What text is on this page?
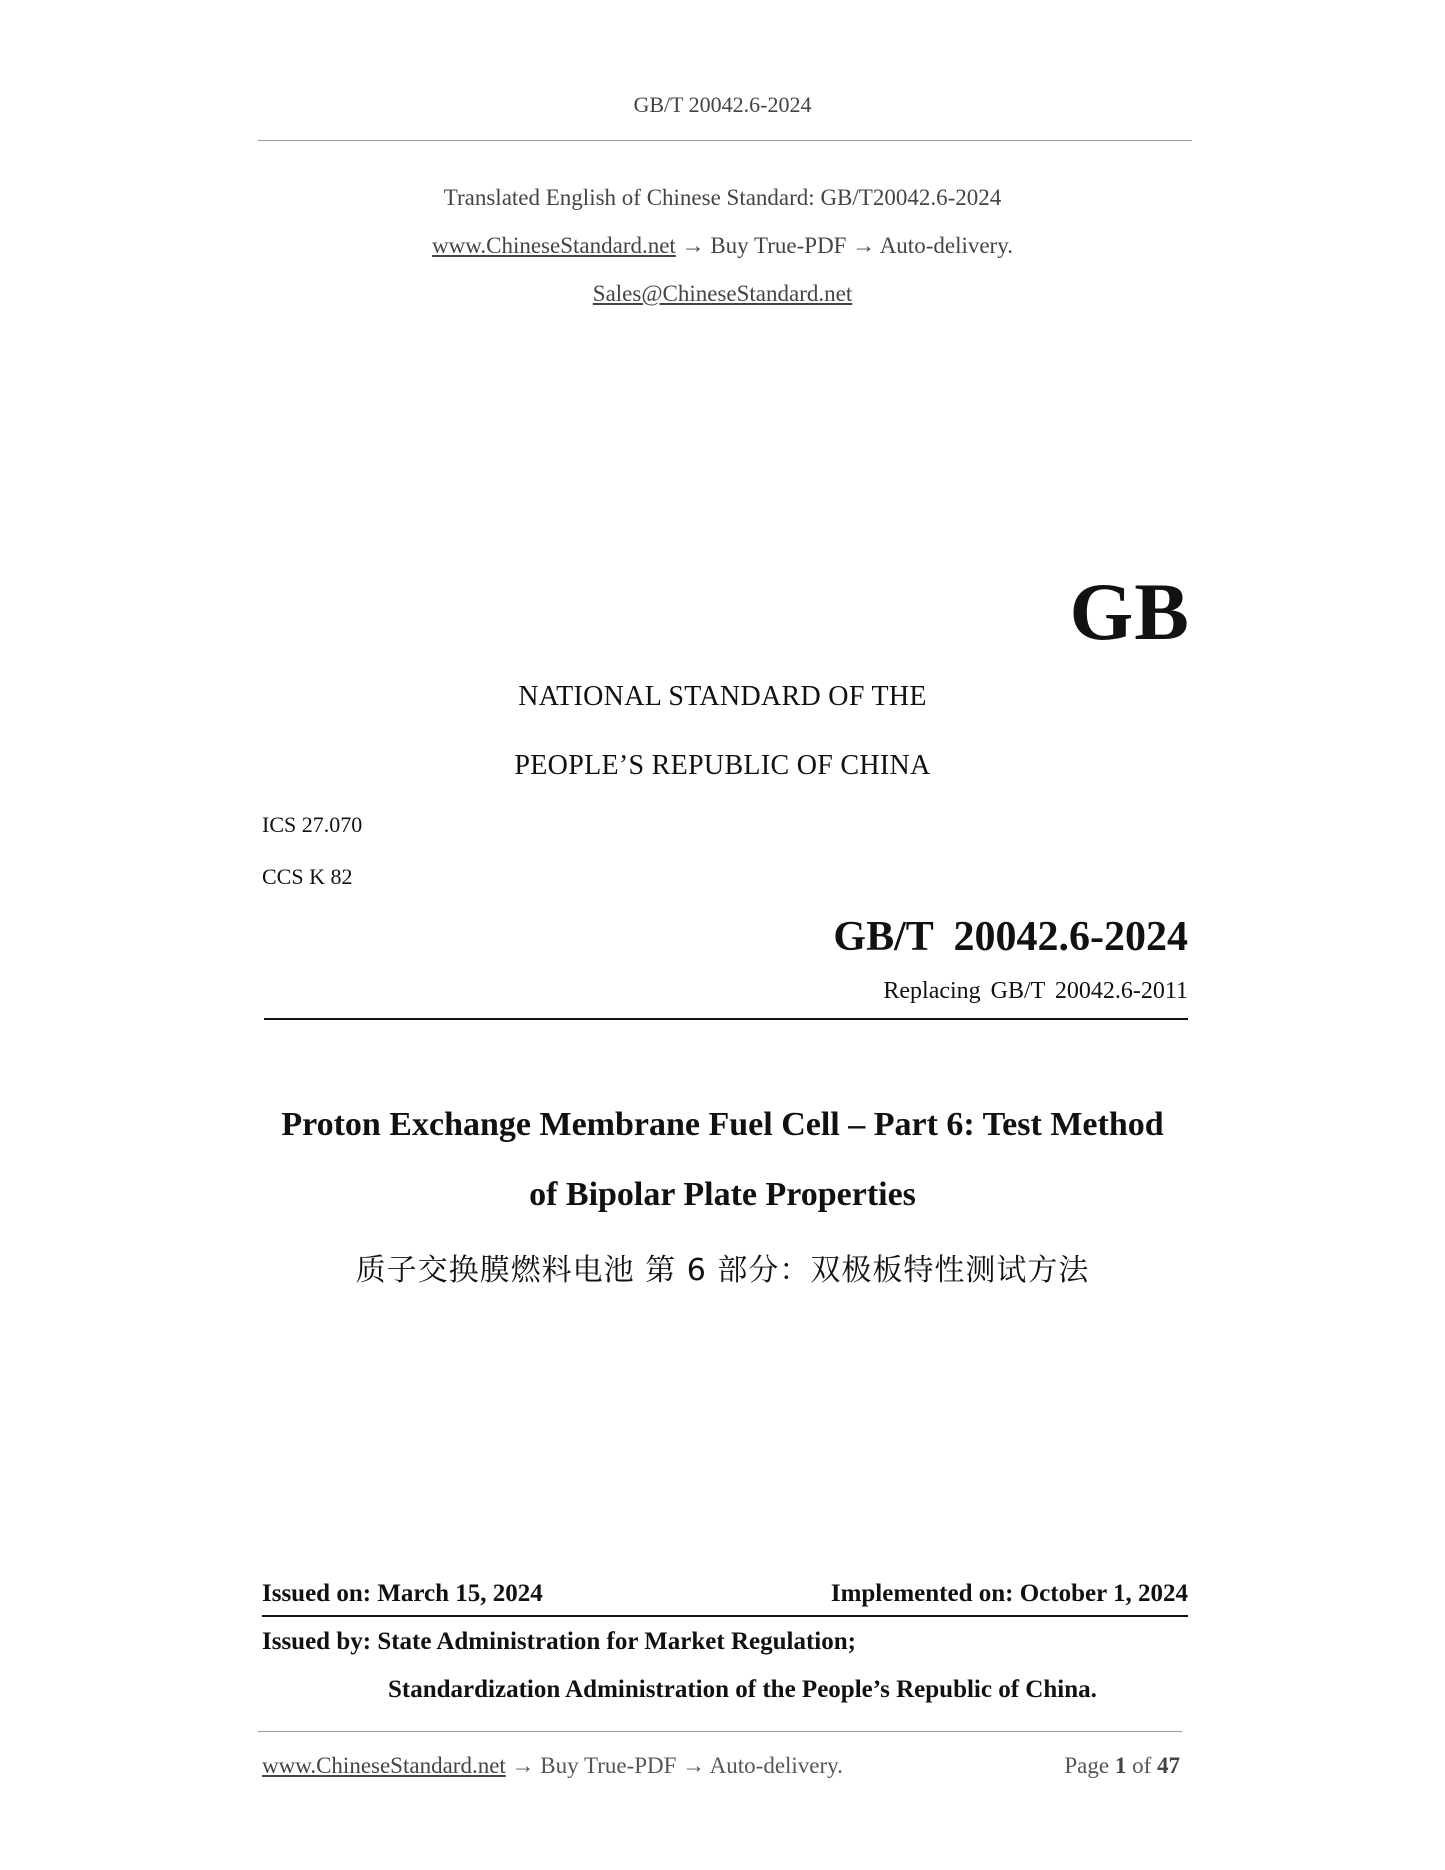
GB/T 20042.6-2024
Translated English of Chinese Standard: GB/T20042.6-2024
www.ChineseStandard.net → Buy True-PDF → Auto-delivery.
Sales@ChineseStandard.net
GB
NATIONAL STANDARD OF THE
PEOPLE’S REPUBLIC OF CHINA
ICS 27.070
CCS K 82
GB/T 20042.6-2024
Replacing GB/T 20042.6-2011
Proton Exchange Membrane Fuel Cell – Part 6: Test Method
of Bipolar Plate Properties
质子交换膜燃料电池 第 6 部分：双极板特性测试方法
Issued on: March 15, 2024	Implemented on: October 1, 2024
Issued by: State Administration for Market Regulation;
Standardization Administration of the People’s Republic of China.
www.ChineseStandard.net → Buy True-PDF → Auto-delivery.	Page 1 of 47
